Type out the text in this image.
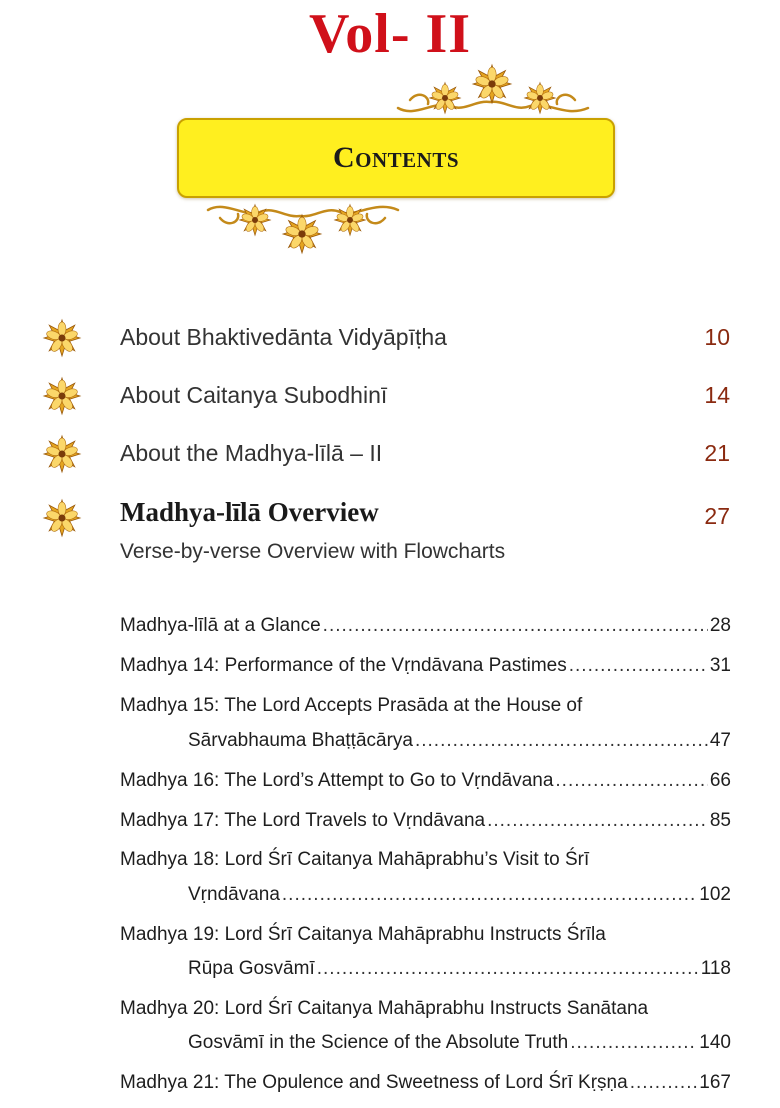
Vol- II
Contents
About Bhaktivedānta Vidyāpīṭha	10
About Caitanya Subodhinī	14
About the Madhya-līlā – II	21
Madhya-līlā Overview	27
Verse-by-verse Overview with Flowcharts
Madhya-līlā at a Glance .....	28
Madhya 14: Performance of the Vṛndāvana Pastimes .....	31
Madhya 15: The Lord Accepts Prasāda at the House of
Sārvabhauma Bhaṭṭācārya .....	47
Madhya 16: The Lord’s Attempt to Go to Vṛndāvana .....	66
Madhya 17: The Lord Travels to Vṛndāvana .....	85
Madhya 18: Lord Śrī Caitanya Mahāprabhu’s Visit to Śrī
Vṛndāvana .....	102
Madhya 19: Lord Śrī Caitanya Mahāprabhu Instructs Śrīla
Rūpa Gosvāmī .....	118
Madhya 20: Lord Śrī Caitanya Mahāprabhu Instructs Sanātana
Gosvāmī in the Science of the Absolute Truth .....	140
Madhya 21: The Opulence and Sweetness of Lord Śrī Kṛṣṇa .....	167
